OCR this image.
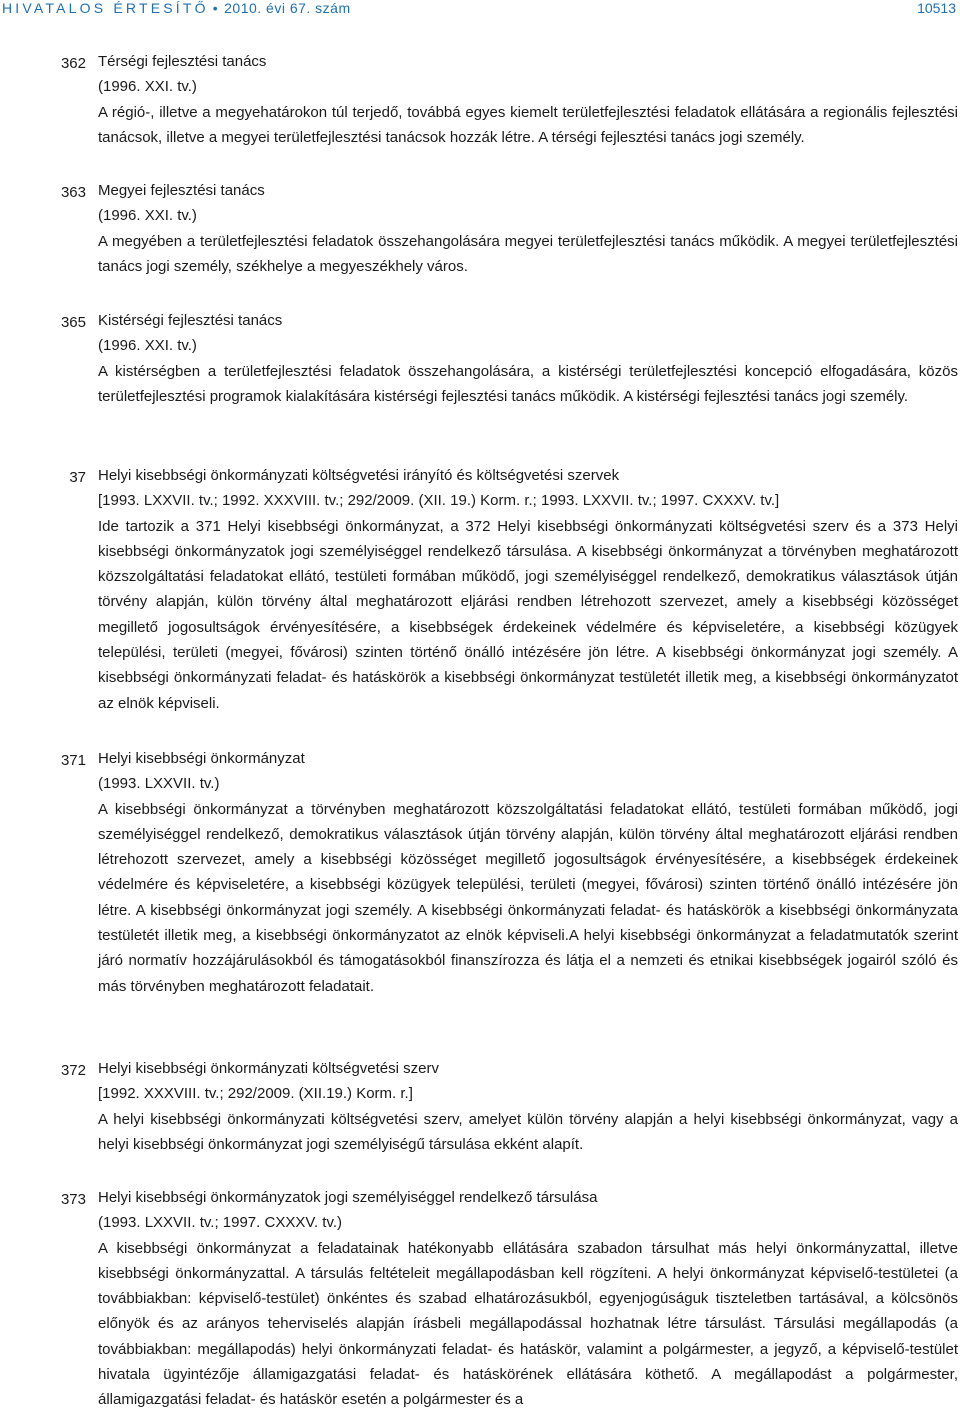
HIVATALOS ÉRTESÍTŐ • 2010. évi 67. szám	10513
362 Térségi fejlesztési tanács

(1996. XXI. tv.)

A régió-, illetve a megyehatárokon túl terjedő, továbbá egyes kiemelt területfejlesztési feladatok ellátására a regionális fejlesztési tanácsok, illetve a megyei területfejlesztési tanácsok hozzák létre. A térségi fejlesztési tanács jogi személy.

363 Megyei fejlesztési tanács

(1996. XXI. tv.)

A megyében a területfejlesztési feladatok összehangolására megyei területfejlesztési tanács működik. A megyei területfejlesztési tanács jogi személy, székhelye a megyeszékhely város.

365 Kistérségi fejlesztési tanács

(1996. XXI. tv.)

A kistérségben a területfejlesztési feladatok összehangolására, a kistérségi területfejlesztési koncepció elfogadására, közös területfejlesztési programok kialakítására kistérségi fejlesztési tanács működik. A kistérségi fejlesztési tanács jogi személy.

37 Helyi kisebbségi önkormányzati költségvetési irányító és költségvetési szervek

[1993. LXXVII. tv.; 1992. XXXVIII. tv.; 292/2009. (XII. 19.) Korm. r.; 1993. LXXVII. tv.; 1997. CXXXV. tv.]

Ide tartozik a 371 Helyi kisebbségi önkormányzat, a 372 Helyi kisebbségi önkormányzati költségvetési szerv és a 373 Helyi kisebbségi önkormányzatok jogi személyiséggel rendelkező társulása. A kisebbségi önkormányzat a törvényben meghatározott közszolgáltatási feladatokat ellátó, testületi formában működő, jogi személyiséggel rendelkező, demokratikus választások útján törvény alapján, külön törvény által meghatározott eljárási rendben létrehozott szervezet, amely a kisebbségi közösséget megillető jogosultságok érvényesítésére, a kisebbségek érdekeinek védelmére és képviseletére, a kisebbségi közügyek települési, területi (megyei, fővárosi) szinten történő önálló intézésére jön létre. A kisebbségi önkormányzat jogi személy. A kisebbségi önkormányzati feladat- és hatáskörök a kisebbségi önkormányzat testületét illetik meg, a kisebbségi önkormányzatot az elnök képviseli.

371 Helyi kisebbségi önkormányzat

(1993. LXXVII. tv.)

A kisebbségi önkormányzat a törvényben meghatározott közszolgáltatási feladatokat ellátó, testületi formában működő, jogi személyiséggel rendelkező, demokratikus választások útján törvény alapján, külön törvény által meghatározott eljárási rendben létrehozott szervezet, amely a kisebbségi közösséget megillető jogosultságok érvényesítésére, a kisebbségek érdekeinek védelmére és képviseletére, a kisebbségi közügyek települési, területi (megyei, fővárosi) szinten történő önálló intézésére jön létre. A kisebbségi önkormányzat jogi személy. A kisebbségi önkormányzati feladat- és hatáskörök a kisebbségi önkormányzata testületét illetik meg, a kisebbségi önkormányzatot az elnök képviseli.A helyi kisebbségi önkormányzat a feladatmutatók szerint járó normatív hozzájárulásokból és támogatásokból finanszírozza és látja el a nemzeti és etnikai kisebbségek jogairól szóló és más törvényben meghatározott feladatait.

372 Helyi kisebbségi önkormányzati költségvetési szerv

[1992. XXXVIII. tv.; 292/2009. (XII.19.) Korm. r.]

A helyi kisebbségi önkormányzati költségvetési szerv, amelyet külön törvény alapján a helyi kisebbségi önkormányzat, vagy a helyi kisebbségi önkormányzat jogi személyiségű társulása ekként alapít.

373 Helyi kisebbségi önkormányzatok jogi személyiséggel rendelkező társulása

(1993. LXXVII. tv.; 1997. CXXXV. tv.)

A kisebbségi önkormányzat a feladatainak hatékonyabb ellátására szabadon társulhat más helyi önkormányzattal, illetve kisebbségi önkormányzattal. A társulás feltételeit megállapodásban kell rögzíteni. A helyi önkormányzat képviselő-testületei (a továbbiakban: képviselő-testület) önkéntes és szabad elhatározásukból, egyenjogúságuk tiszteletben tartásával, a kölcsönös előnyök és az arányos teherviselés alapján írásbeli megállapodással hozhatnak létre társulást. Társulási megállapodás (a továbbiakban: megállapodás) helyi önkormányzati feladat- és hatáskör, valamint a polgármester, a jegyző, a képviselő-testület hivatala ügyintézője államigazgatási feladat- és hatáskörének ellátására köthető. A megállapodást a polgármester, államigazgatási feladat- és hatáskör esetén a polgármester és a
